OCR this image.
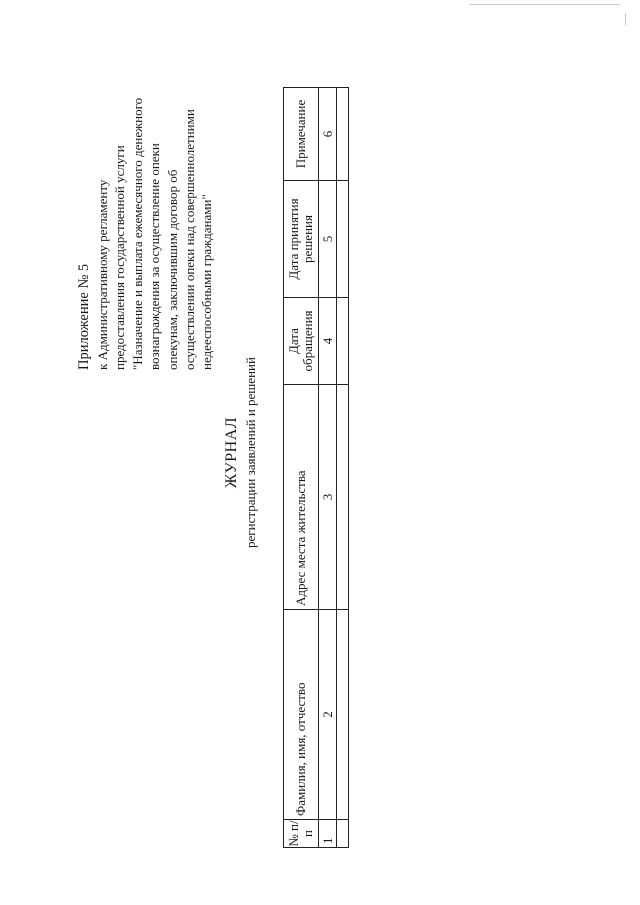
Приложение № 5 к Административному регламенту предоставления государственной услуги "Назначение и выплата ежемесячного денежного вознаграждения за осуществление опеки опекунам, заключившим договор об осуществлении опеки над совершеннолетними недееспособными гражданами"
ЖУРНАЛ регистрации заявлений и решений
№ п/п	Фамилия, имя, отчество	Адрес места жительства	Дата обращения	Дата принятия решения	Примечание
1	2	3	4	5	6
